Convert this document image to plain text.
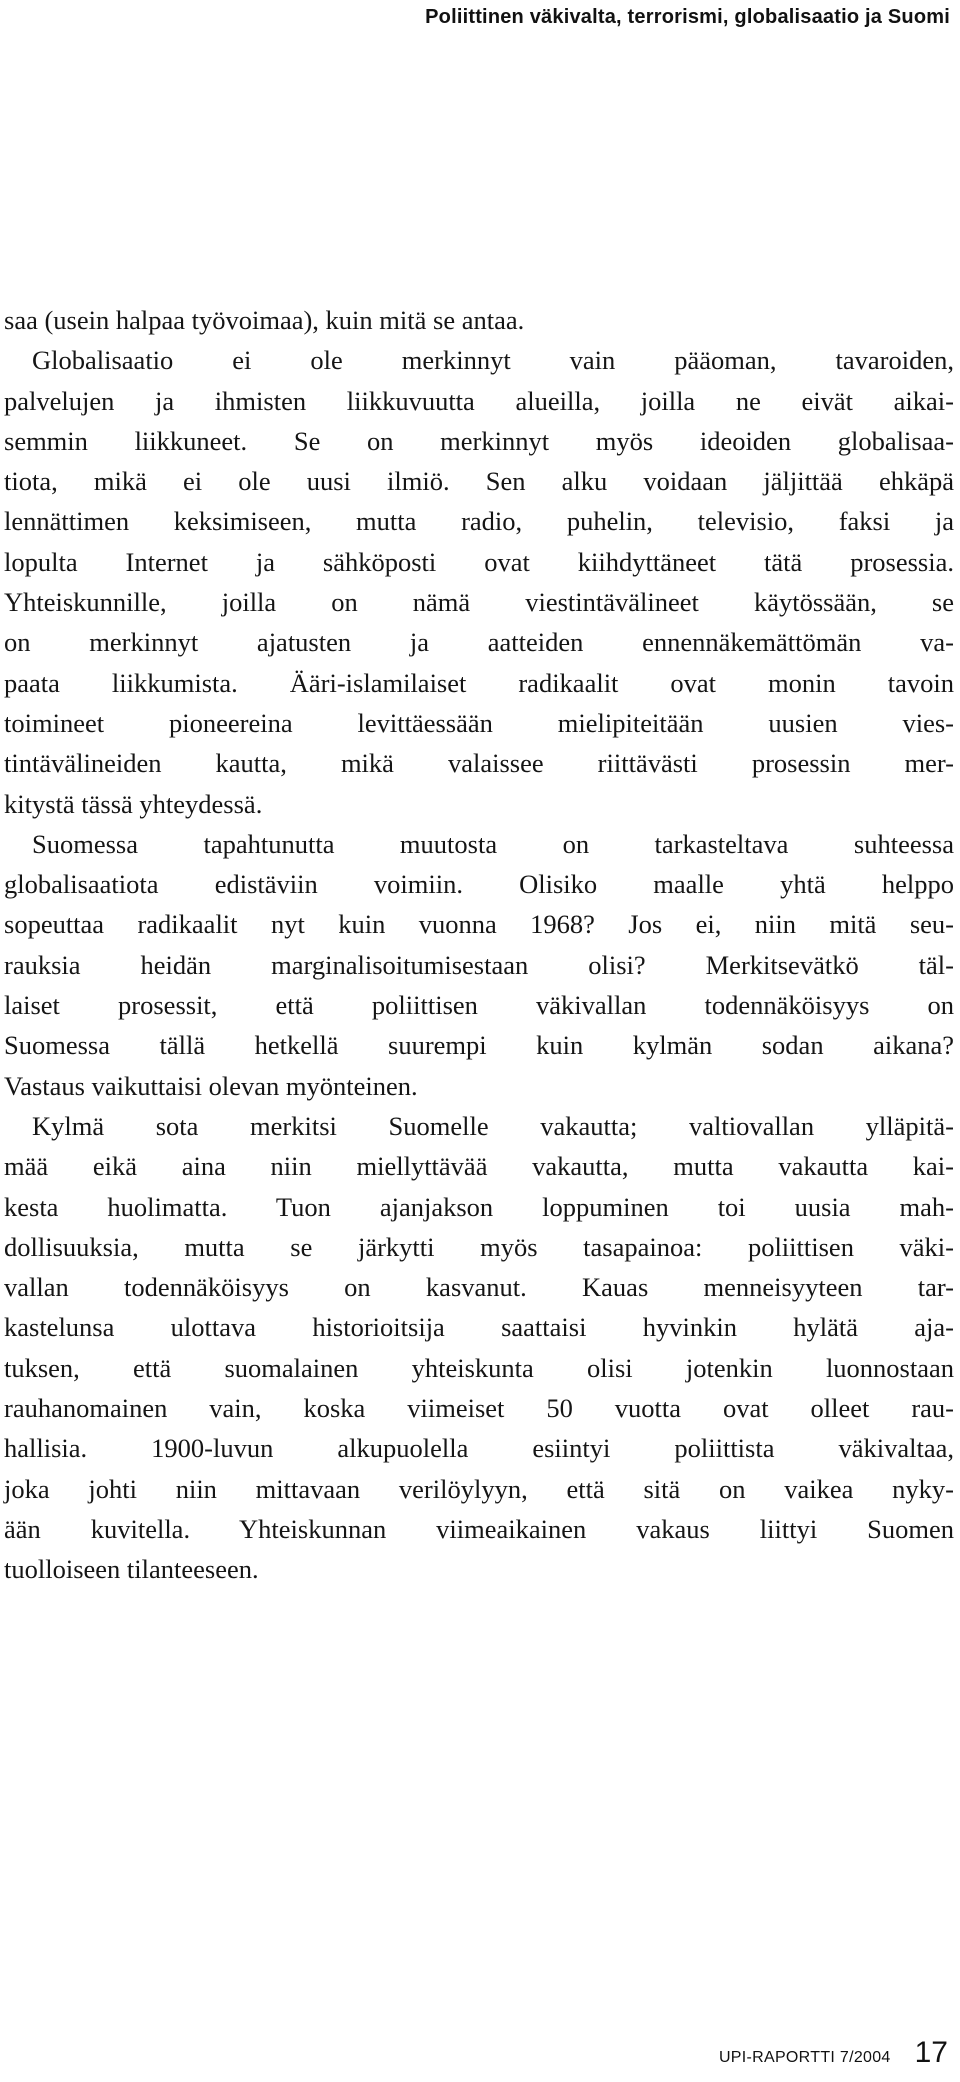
Poliittinen väkivalta, terrorismi, globalisaatio ja Suomi
saa (usein halpaa työvoimaa), kuin mitä se antaa.
Globalisaatio ei ole merkinnyt vain pääoman, tavaroiden,
palvelujen ja ihmisten liikkuvuutta alueilla, joilla ne eivät aikai-
semmin liikkuneet. Se on merkinnyt myös ideoiden globalisaa-
tiota, mikä ei ole uusi ilmiö. Sen alku voidaan jäljittää ehkäpä
lennättimen keksimiseen, mutta radio, puhelin, televisio, faksi ja
lopulta Internet ja sähköposti ovat kiihdyttäneet tätä prosessia.
Yhteiskunnille, joilla on nämä viestintävälineet käytössään, se
on merkinnyt ajatusten ja aatteiden ennennäkemättömän va-
paata liikkumista. Ääri-islamilaiset radikaalit ovat monin tavoin
toimineet pioneereina levittäessään mielipiteitään uusien vies-
tintävälineiden kautta, mikä valaissee riittävästi prosessin mer-
kitystä tässä yhteydessä.
Suomessa tapahtunutta muutosta on tarkasteltava suhteessa
globalisaatiota edistäviin voimiin. Olisiko maalle yhtä helppo
sopeuttaa radikaalit nyt kuin vuonna 1968? Jos ei, niin mitä seu-
rauksia heidän marginalisoitumisestaan olisi? Merkitsevätkö täl-
laiset prosessit, että poliittisen väkivallan todennäköisyys on
Suomessa tällä hetkellä suurempi kuin kylmän sodan aikana?
Vastaus vaikuttaisi olevan myönteinen.
Kylmä sota merkitsi Suomelle vakautta; valtiovallan ylläpitä-
mää eikä aina niin miellyttävää vakautta, mutta vakautta kai-
kesta huolimatta. Tuon ajanjakson loppuminen toi uusia mah-
dollisuuksia, mutta se järkytti myös tasapainoa: poliittisen väki-
vallan todennäköisyys on kasvanut. Kauas menneisyyteen tar-
kastelunsa ulottava historioitsija saattaisi hyvinkin hylätä aja-
tuksen, että suomalainen yhteiskunta olisi jotenkin luonnostaan
rauhanomainen vain, koska viimeiset 50 vuotta ovat olleet rau-
hallisia. 1900-luvun alkupuolella esiintyi poliittista väkivaltaa,
joka johti niin mittavaan verilöylyyn, että sitä on vaikea nyky-
ään kuvitella. Yhteiskunnan viimeaikainen vakaus liittyi Suomen
tuolloiseen tilanteeseen.
UPI-RAPORTTI 7/2004 17
